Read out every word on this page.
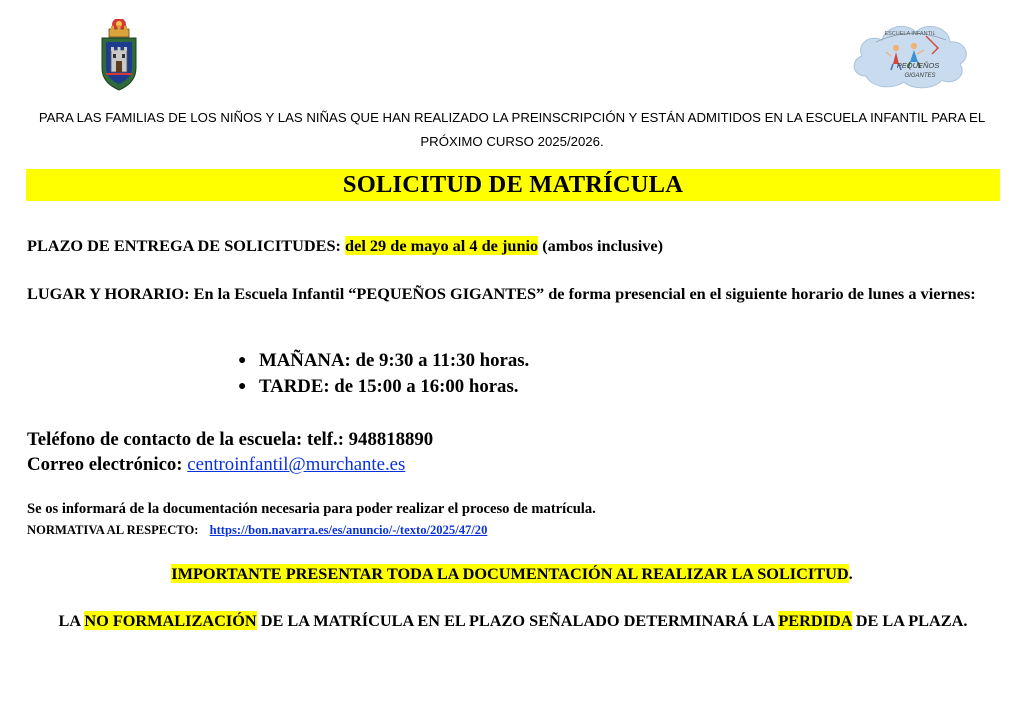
ESCUELA INFANTIL
PEQUEÑOS
GIGANTES
PARA LAS FAMILIAS DE LOS NIÑOS Y LAS NIÑAS QUE HAN REALIZADO LA PREINSCRIPCIÓN Y ESTÁN ADMITIDOS EN LA ESCUELA INFANTIL PARA EL PRÓXIMO CURSO 2025/2026.
SOLICITUD DE MATRÍCULA
PLAZO DE ENTREGA DE SOLICITUDES: del 29 de mayo al 4 de junio (ambos inclusive)
LUGAR Y HORARIO: En la Escuela Infantil “PEQUEÑOS GIGANTES” de forma presencial en el siguiente horario de lunes a viernes:
● MAÑANA: de 9:30 a 11:30 horas.
● TARDE: de 15:00 a 16:00 horas.
Teléfono de contacto de la escuela: telf.: 948818890
Correo electrónico: centroinfantil@murchante.es
Se os informará de la documentación necesaria para poder realizar el proceso de matrícula.
NORMATIVA AL RESPECTO: https://bon.navarra.es/es/anuncio/-/texto/2025/47/20
IMPORTANTE PRESENTAR TODA LA DOCUMENTACIÓN AL REALIZAR LA SOLICITUD.
LA NO FORMALIZACIÓN DE LA MATRÍCULA EN EL PLAZO SEÑALADO DETERMINARÁ LA PERDIDA DE LA PLAZA.
